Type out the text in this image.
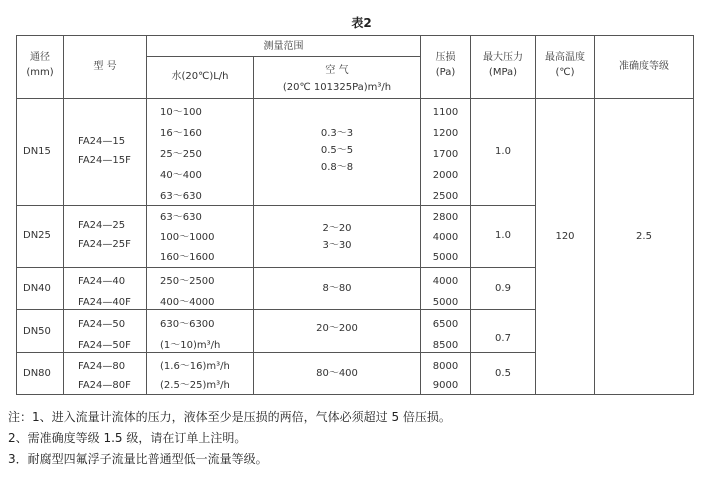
表2
通径
(mm)
型 号
测量范围
水(20℃)L/h
空 气
(20℃ 101325Pa)m³/h
压损
(Pa)
最大压力
(MPa)
最高温度
(℃)
准确度等级
DN15
FA24—15
FA24—15F
10～100
16～160
25～250
40～400
63～630
0.3～3
0.5～5
0.8～8
1100
1200
1700
2000
2500
1.0
DN25
FA24—25
FA24—25F
63～630
100～1000
160～1600
2～20
3～30
2800
4000
5000
1.0
DN40
FA24—40
FA24—40F
250～2500
400～4000
8～80
4000
5000
0.9
DN50
FA24—50
FA24—50F
630～6300
(1～10)m³/h
20～200	6500
8500
0.7
DN80
FA24—80
FA24—80F
(1.6～16)m³/h
(2.5～25)m³/h
80～400
8000
9000
0.5
120	2.5
注：1、进入流量计流体的压力，液体至少是压损的两倍，气体必须超过 5 倍压损。
2、需准确度等级 1.5 级，请在订单上注明。
3．耐腐型四氟浮子流量比普通型低一流量等级。
